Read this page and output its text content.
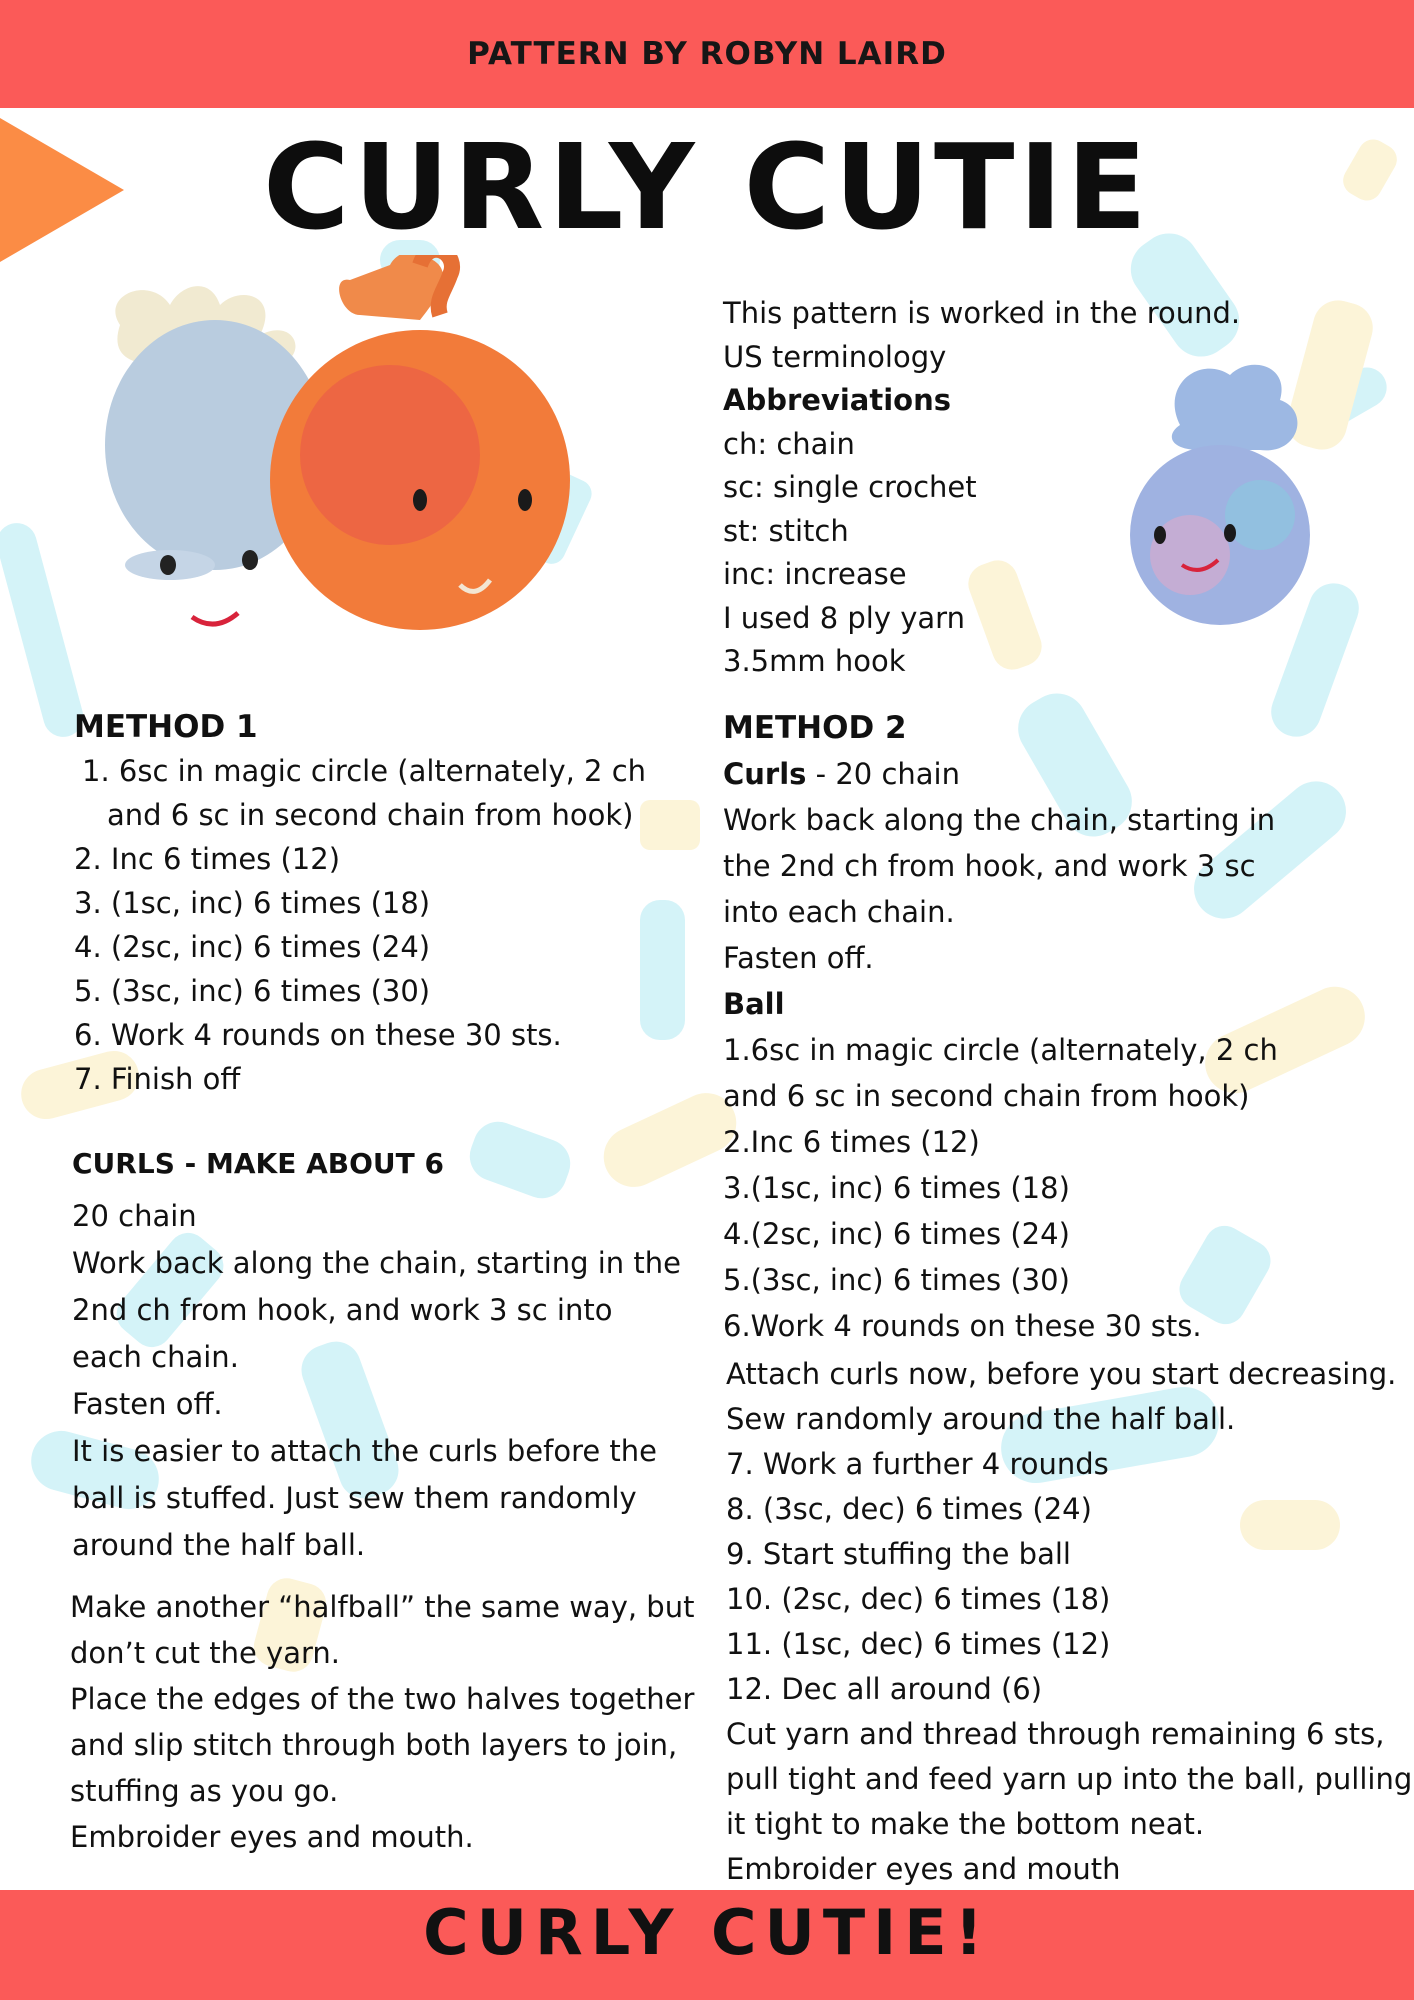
PATTERN BY ROBYN LAIRD
CURLY CUTIE

This pattern is worked in the round.

US terminology

Abbreviations

ch: chain

sc: single crochet

st: stitch

inc: increase

I used 8 ply yarn

3.5mm hook

METHOD 1

1. 6sc in magic circle (alternately, 2 ch

and 6 sc in second chain from hook)

2. Inc 6 times (12)

3. (1sc, inc) 6 times (18)

4. (2sc, inc) 6 times (24)

5. (3sc, inc) 6 times (30)

6. Work 4 rounds on these 30 sts.

7. Finish off

CURLS - MAKE ABOUT 6

20 chain

Work back along the chain, starting in the

2nd ch from hook, and work 3 sc into

each chain.

Fasten off.

It is easier to attach the curls before the

ball is stuffed. Just sew them randomly

around the half ball.

Make another “halfball” the same way, but

don’t cut the yarn.

Place the edges of the two halves together

and slip stitch through both layers to join,

stuffing as you go.

Embroider eyes and mouth.

METHOD 2

Curls - 20 chain

Work back along the chain, starting in

the 2nd ch from hook, and work 3 sc

into each chain.

Fasten off.

Ball

1.6sc in magic circle (alternately, 2 ch

and 6 sc in second chain from hook)

2.Inc 6 times (12)

3.(1sc, inc) 6 times (18)

4.(2sc, inc) 6 times (24)

5.(3sc, inc) 6 times (30)

6.Work 4 rounds on these 30 sts.

Attach curls now, before you start decreasing.

Sew randomly around the half ball.

7. Work a further 4 rounds

8. (3sc, dec) 6 times (24)

9. Start stuffing the ball

10. (2sc, dec) 6 times (18)

11. (1sc, dec) 6 times (12)

12. Dec all around (6)

Cut yarn and thread through remaining 6 sts,

pull tight and feed yarn up into the ball, pulling

it tight to make the bottom neat.

Embroider eyes and mouth

CURLY CUTIE!
